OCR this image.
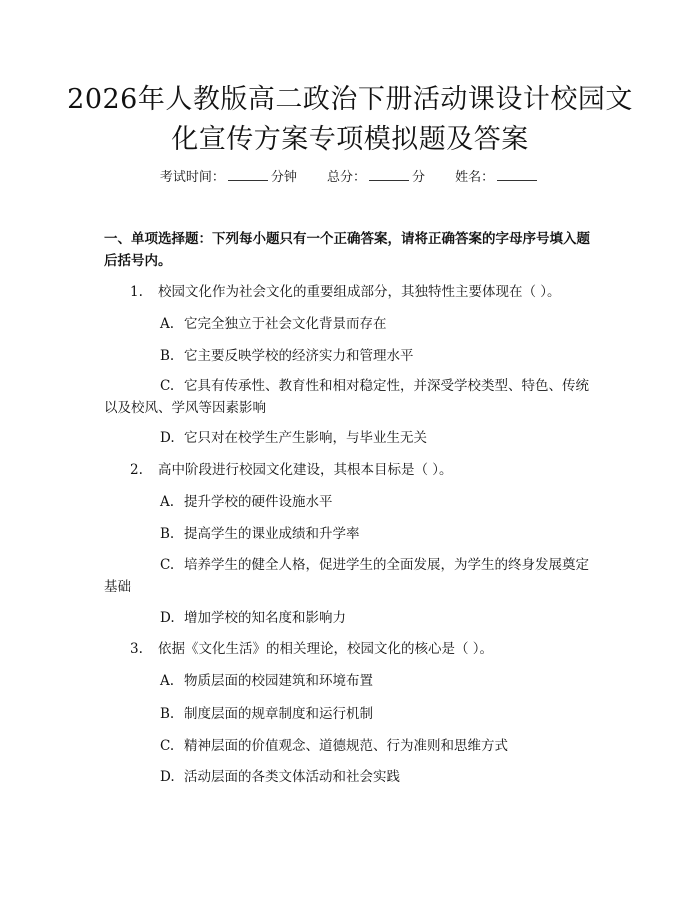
2026年人教版高二政治下册活动课设计校园文化宣传方案专项模拟题及答案
考试时间：	分钟 总分：	分 姓名：
一、单项选择题：下列每小题只有一个正确答案，请将正确答案的字母序号填入题后括号内。
1. 校园文化作为社会文化的重要组成部分，其独特性主要体现在（ ）。
A. 它完全独立于社会文化背景而存在
B. 它主要反映学校的经济实力和管理水平
C. 它具有传承性、教育性和相对稳定性，并深受学校类型、特色、传统以及校风、学风等因素影响
D. 它只对在校学生产生影响，与毕业生无关
2. 高中阶段进行校园文化建设，其根本目标是（ ）。
A. 提升学校的硬件设施水平
B. 提高学生的课业成绩和升学率
C. 培养学生的健全人格，促进学生的全面发展，为学生的终身发展奠定基础
D. 增加学校的知名度和影响力
3. 依据《文化生活》的相关理论，校园文化的核心是（ ）。
A. 物质层面的校园建筑和环境布置
B. 制度层面的规章制度和运行机制
C. 精神层面的价值观念、道德规范、行为准则和思维方式
D. 活动层面的各类文体活动和社会实践
